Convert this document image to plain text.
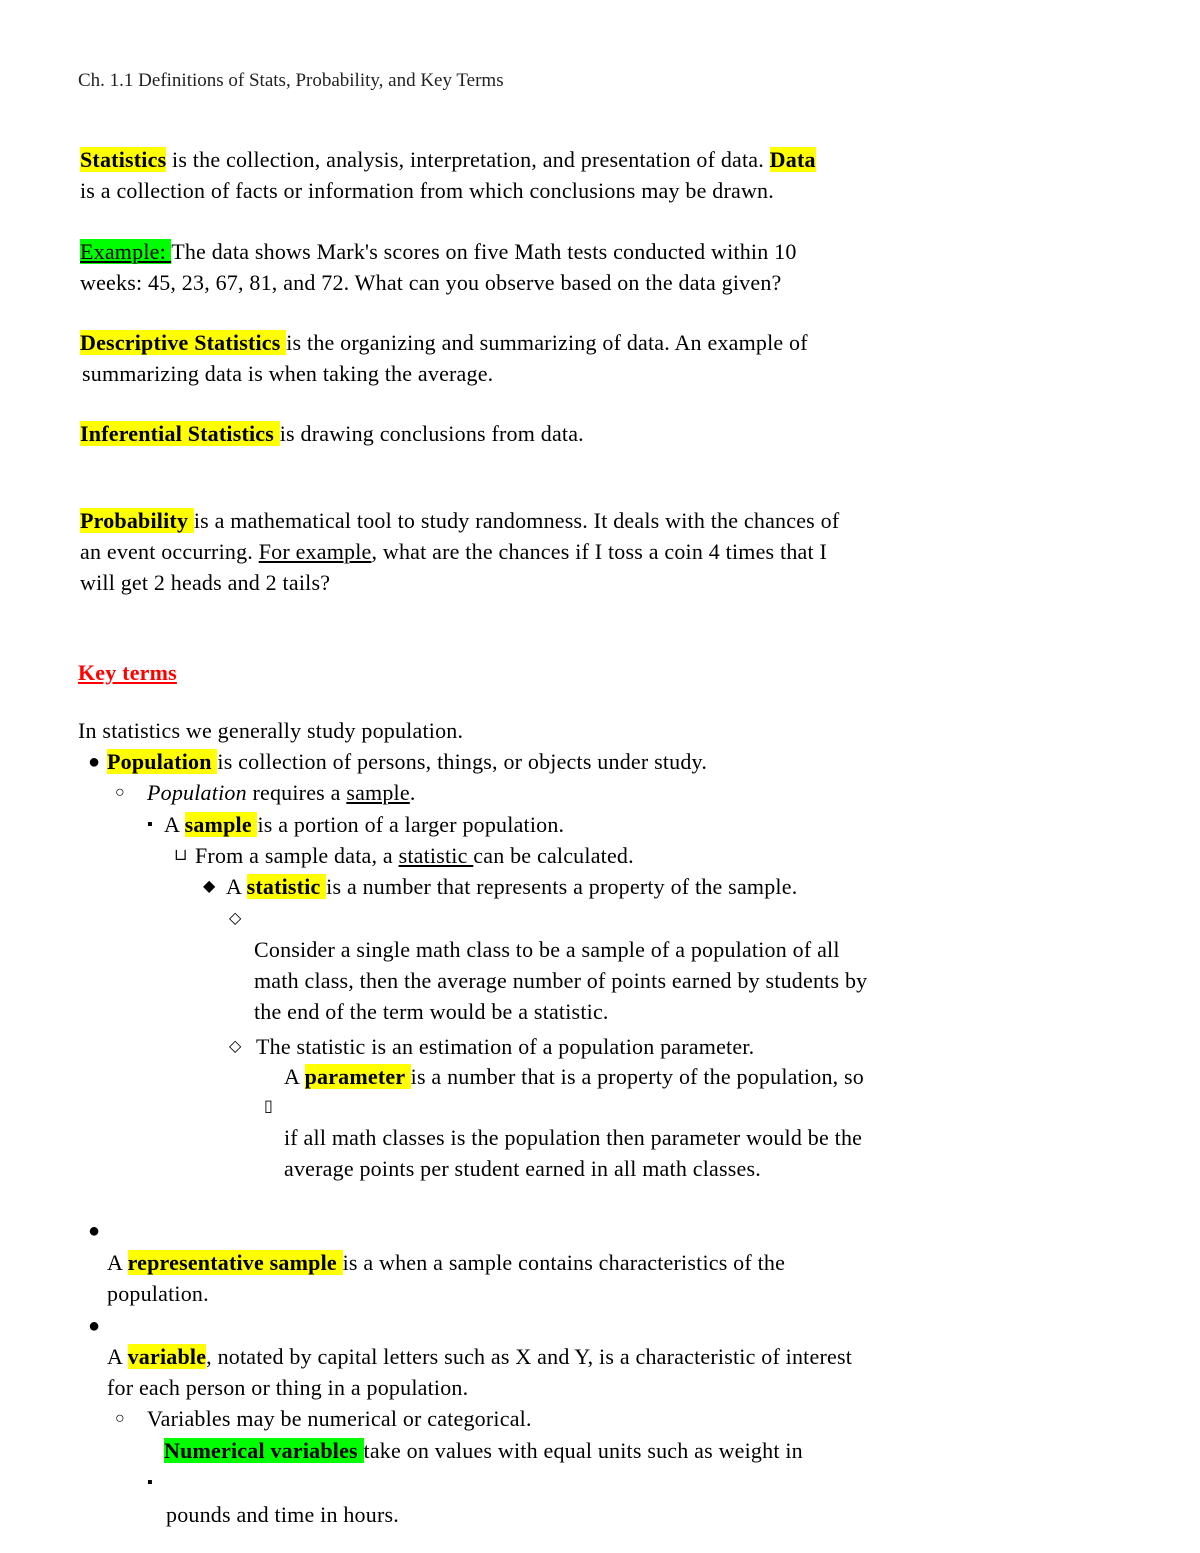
Ch. 1.1 Definitions of Stats, Probability, and Key Terms
Statistics is the collection, analysis, interpretation, and presentation of data. Data
is a collection of facts or information from which conclusions may be drawn.
Example: The data shows Mark's scores on five Math tests conducted within 10
weeks: 45, 23, 67, 81, and 72. What can you observe based on the data given?
Descriptive Statistics is the organizing and summarizing of data. An example of
summarizing data is when taking the average.
Inferential Statistics is drawing conclusions from data.
Probability is a mathematical tool to study randomness. It deals with the chances of
an event occurring. For example, what are the chances if I toss a coin 4 times that I
will get 2 heads and 2 tails?
Key terms
In statistics we generally study population.
● Population is collection of persons, things, or objects under study.
○ Population requires a sample.
▪ A sample is a portion of a larger population.
⊔ From a sample data, a statistic can be calculated.
◆ A statistic is a number that represents a property of the sample.
◇
Consider a single math class to be a sample of a population of all
math class, then the average number of points earned by students by
the end of the term would be a statistic.
◇ The statistic is an estimation of a population parameter.
A parameter is a number that is a property of the population, so
▯
if all math classes is the population then parameter would be the
average points per student earned in all math classes.
●
A representative sample is a when a sample contains characteristics of the
population.
●
A variable, notated by capital letters such as X and Y, is a characteristic of interest
for each person or thing in a population.
○ Variables may be numerical or categorical.
Numerical variables take on values with equal units such as weight in
▪
pounds and time in hours.
